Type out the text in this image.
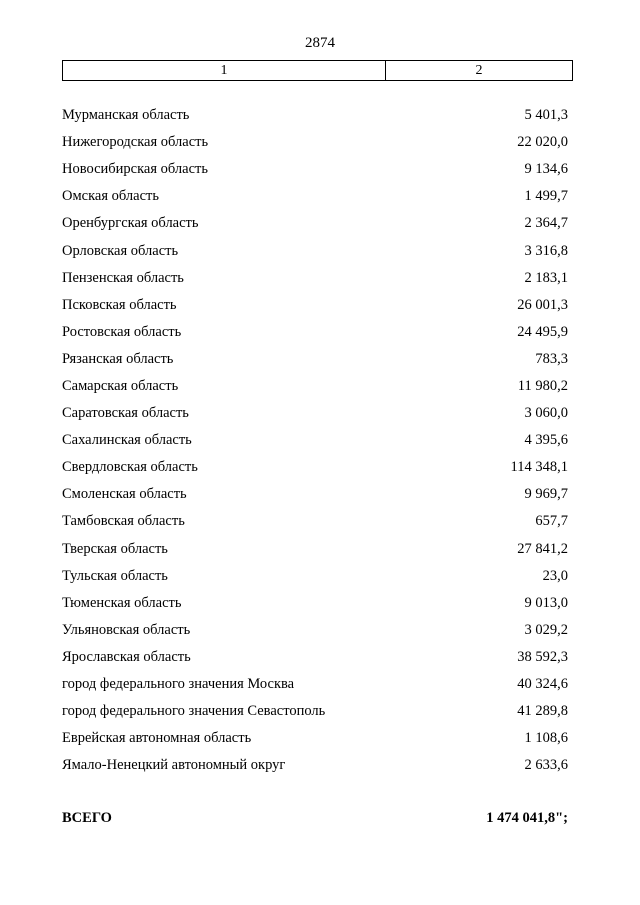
2874
1	2
Мурманская область	5 401,3
Нижегородская область	22 020,0
Новосибирская область	9 134,6
Омская область	1 499,7
Оренбургская область	2 364,7
Орловская область	3 316,8
Пензенская область	2 183,1
Псковская область	26 001,3
Ростовская область	24 495,9
Рязанская область	783,3
Самарская область	11 980,2
Саратовская область	3 060,0
Сахалинская область	4 395,6
Свердловская область	114 348,1
Смоленская область	9 969,7
Тамбовская область	657,7
Тверская область	27 841,2
Тульская область	23,0
Тюменская область	9 013,0
Ульяновская область	3 029,2
Ярославская область	38 592,3
город федерального значения Москва	40 324,6
город федерального значения Севастополь	41 289,8
Еврейская автономная область	1 108,6
Ямало-Ненецкий автономный округ	2 633,6
ВСЕГО	1 474 041,8";
